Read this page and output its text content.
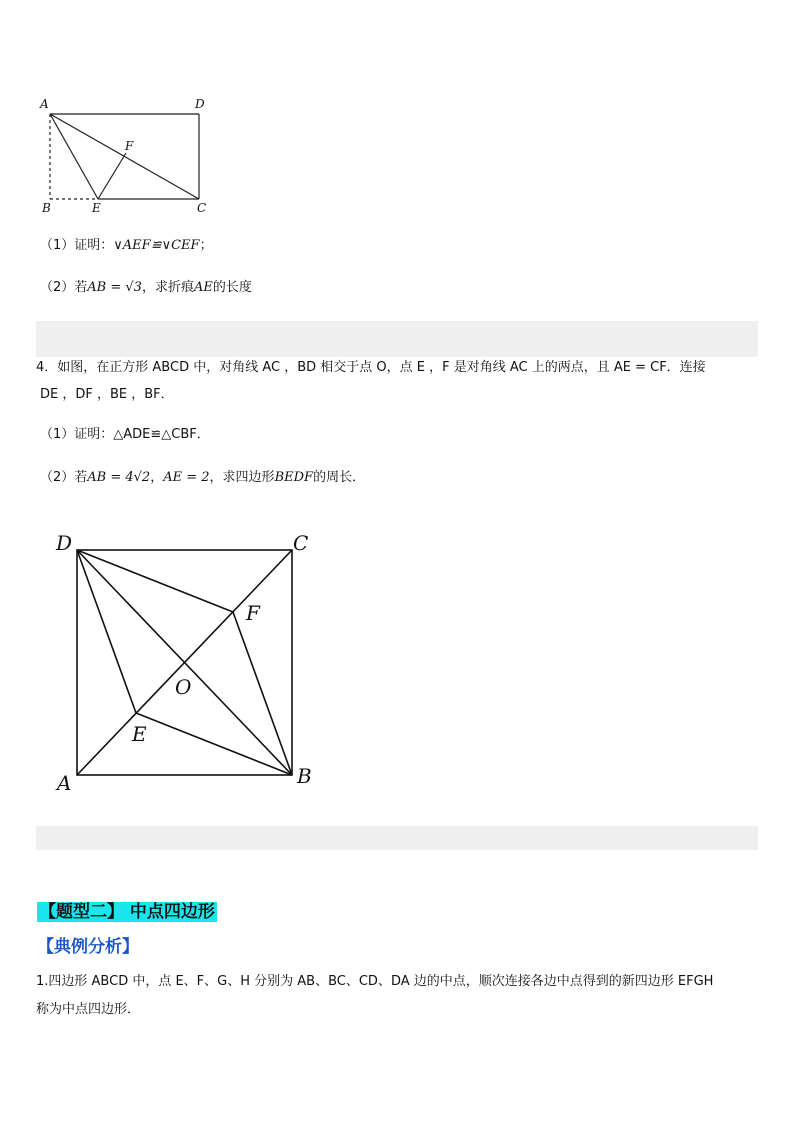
A	D
F
B	E	C
（1）证明：∨AEF≌∨CEF；
（2）若AB = √3，求折痕AE的长度
4．如图，在正方形 ABCD 中，对角线 AC ，BD 相交于点 O，点 E ，F 是对角线 AC 上的两点，且 AE = CF．连接
DE ，DF ，BE ，BF．
（1）证明：△ADE≌△CBF．
（2）若AB = 4√2，AE = 2，求四边形BEDF的周长．
D	C
F
O
E
A	B
【题型二】 中点四边形
【典例分析】
1.四边形 ABCD 中，点 E、F、G、H 分别为 AB、BC、CD、DA 边的中点，顺次连接各边中点得到的新四边形 EFGH
称为中点四边形．
